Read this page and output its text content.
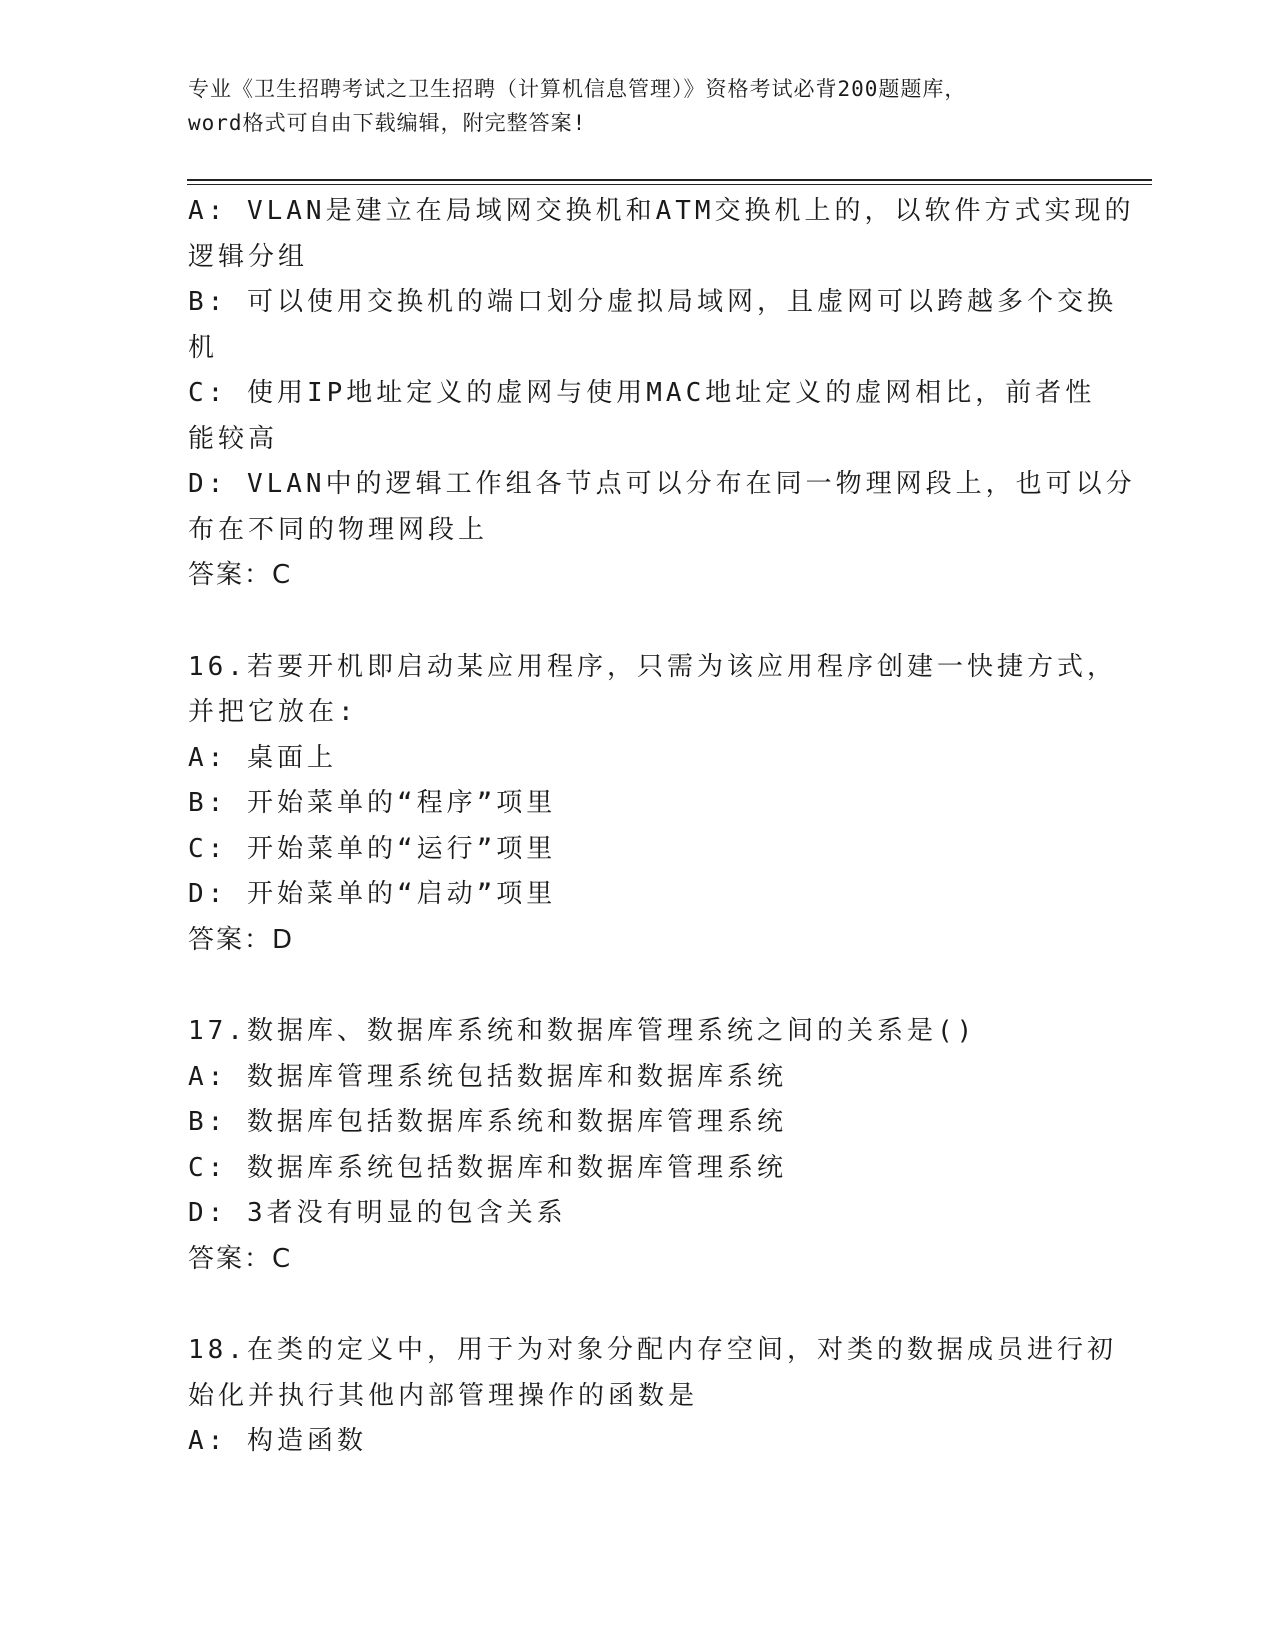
专业《卫生招聘考试之卫生招聘（计算机信息管理）》资格考试必背200题题库，
word格式可自由下载编辑，附完整答案!
A: VLAN是建立在局域网交换机和ATM交换机上的，以软件方式实现的
逻辑分组
B: 可以使用交换机的端口划分虚拟局域网，且虚网可以跨越多个交换
机
C: 使用IP地址定义的虚网与使用MAC地址定义的虚网相比，前者性
能较高
D: VLAN中的逻辑工作组各节点可以分布在同一物理网段上，也可以分
布在不同的物理网段上
答案：C
16.若要开机即启动某应用程序，只需为该应用程序创建一快捷方式，
并把它放在:
A: 桌面上
B: 开始菜单的“程序”项里
C: 开始菜单的“运行”项里
D: 开始菜单的“启动”项里
答案：D
17.数据库、数据库系统和数据库管理系统之间的关系是()
A: 数据库管理系统包括数据库和数据库系统
B: 数据库包括数据库系统和数据库管理系统
C: 数据库系统包括数据库和数据库管理系统
D: 3者没有明显的包含关系
答案：C
18.在类的定义中，用于为对象分配内存空间，对类的数据成员进行初
始化并执行其他内部管理操作的函数是
A: 构造函数
